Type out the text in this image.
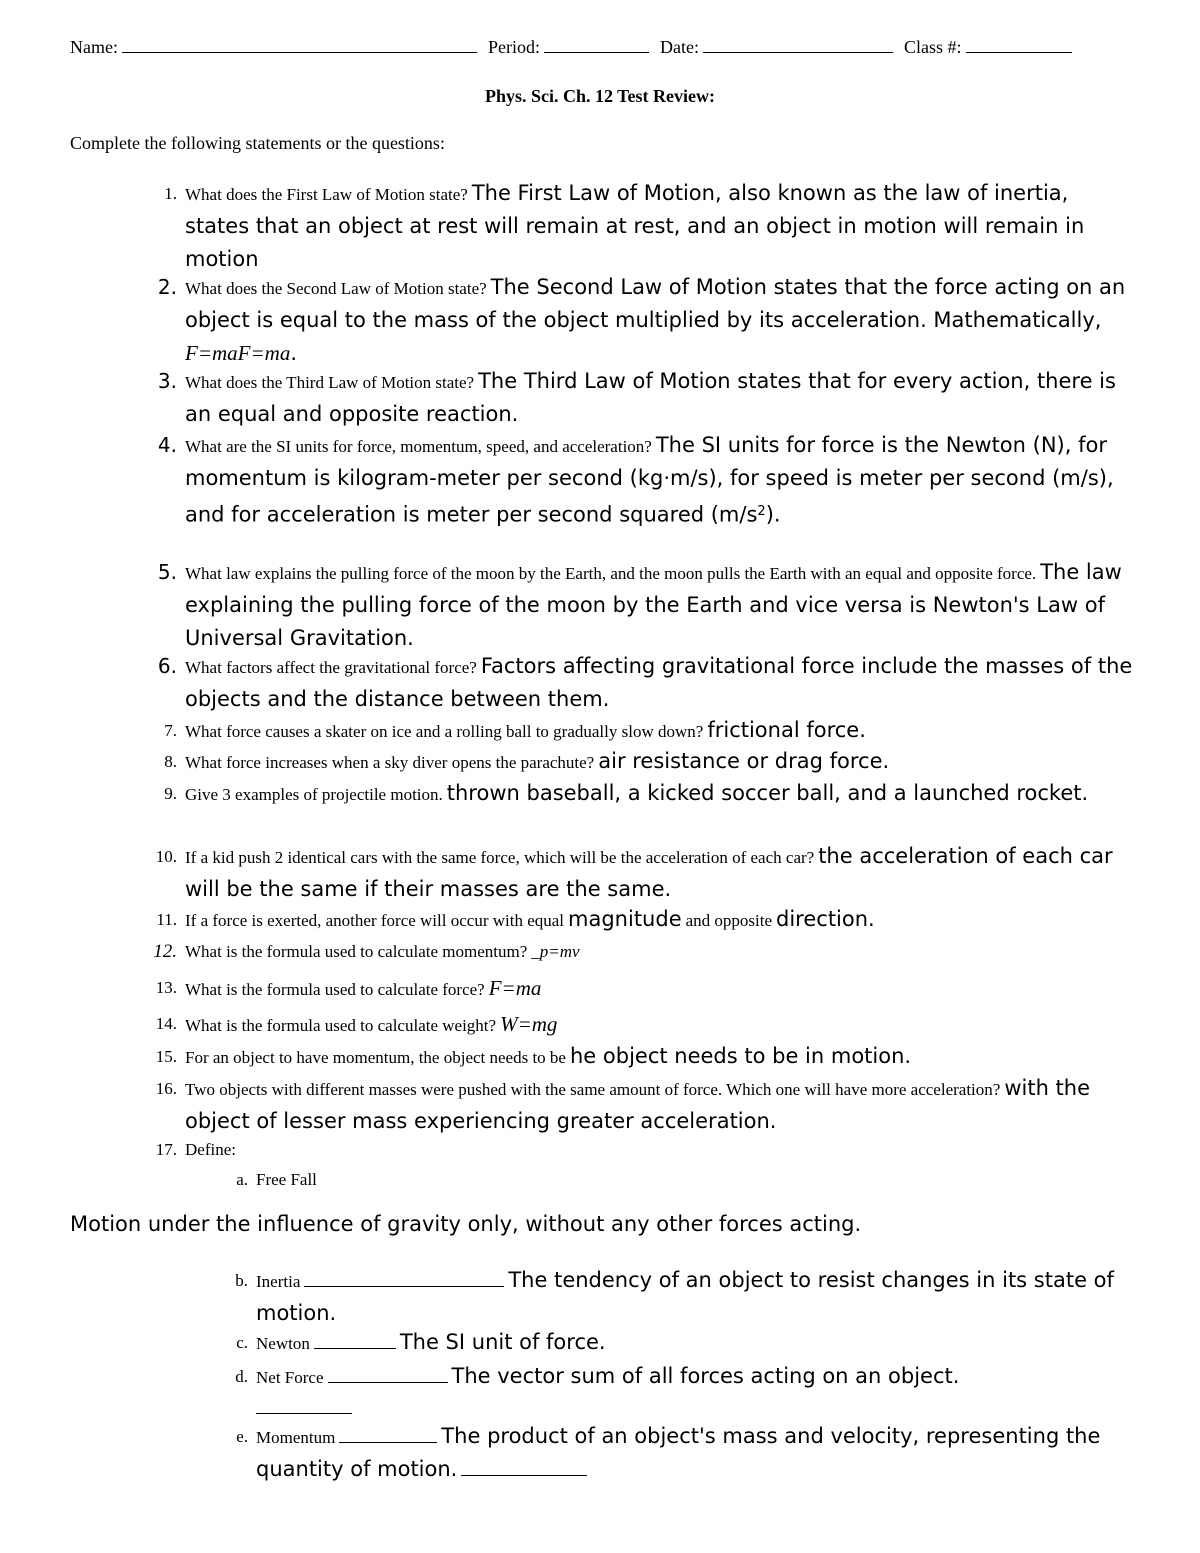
Name:	Period:	Date:	Class #:
Phys. Sci. Ch. 12 Test Review:
Complete the following statements or the questions:
1. What does the First Law of Motion state? The First Law of Motion, also known as the law of inertia, states that an object at rest will remain at rest, and an object in motion will remain in motion
2. What does the Second Law of Motion state? The Second Law of Motion states that the force acting on an object is equal to the mass of the object multiplied by its acceleration. Mathematically, F=maF=ma.
3. What does the Third Law of Motion state? The Third Law of Motion states that for every action, there is an equal and opposite reaction.
4. What are the SI units for force, momentum, speed, and acceleration? The SI units for force is the Newton (N), for momentum is kilogram-meter per second (kg·m/s), for speed is meter per second (m/s), and for acceleration is meter per second squared $(m/s^2)$.
5. What law explains the pulling force of the moon by the Earth, and the moon pulls the Earth with an equal and opposite force. The law explaining the pulling force of the moon by the Earth and vice versa is Newton's Law of Universal Gravitation.
6. What factors affect the gravitational force? Factors affecting gravitational force include the masses of the objects and the distance between them.
7. What force causes a skater on ice and a rolling ball to gradually slow down? frictional force.
8. What force increases when a sky diver opens the parachute? air resistance or drag force.
9. Give 3 examples of projectile motion. thrown baseball, a kicked soccer ball, and a launched rocket.
10. If a kid push 2 identical cars with the same force, which will be the acceleration of each car? the acceleration of each car will be the same if their masses are the same.
11. If a force is exerted, another force will occur with equal magnitude and opposite direction.
12. What is the formula used to calculate momentum? _p=mv
13. What is the formula used to calculate force? F=ma
14. What is the formula used to calculate weight? W=mg
15. For an object to have momentum, the object needs to be he object needs to be in motion.
16. Two objects with different masses were pushed with the same amount of force. Which one will have more acceleration? with the object of lesser mass experiencing greater acceleration.
17. Define:
a. Free Fall
Motion under the influence of gravity only, without any other forces acting.
b. Inertia	The tendency of an object to resist changes in its state of motion.
c. Newton	The SI unit of force.
d. Net Force	The vector sum of all forces acting on an object.

e. Momentum	The product of an object's mass and velocity, representing the quantity of motion.
